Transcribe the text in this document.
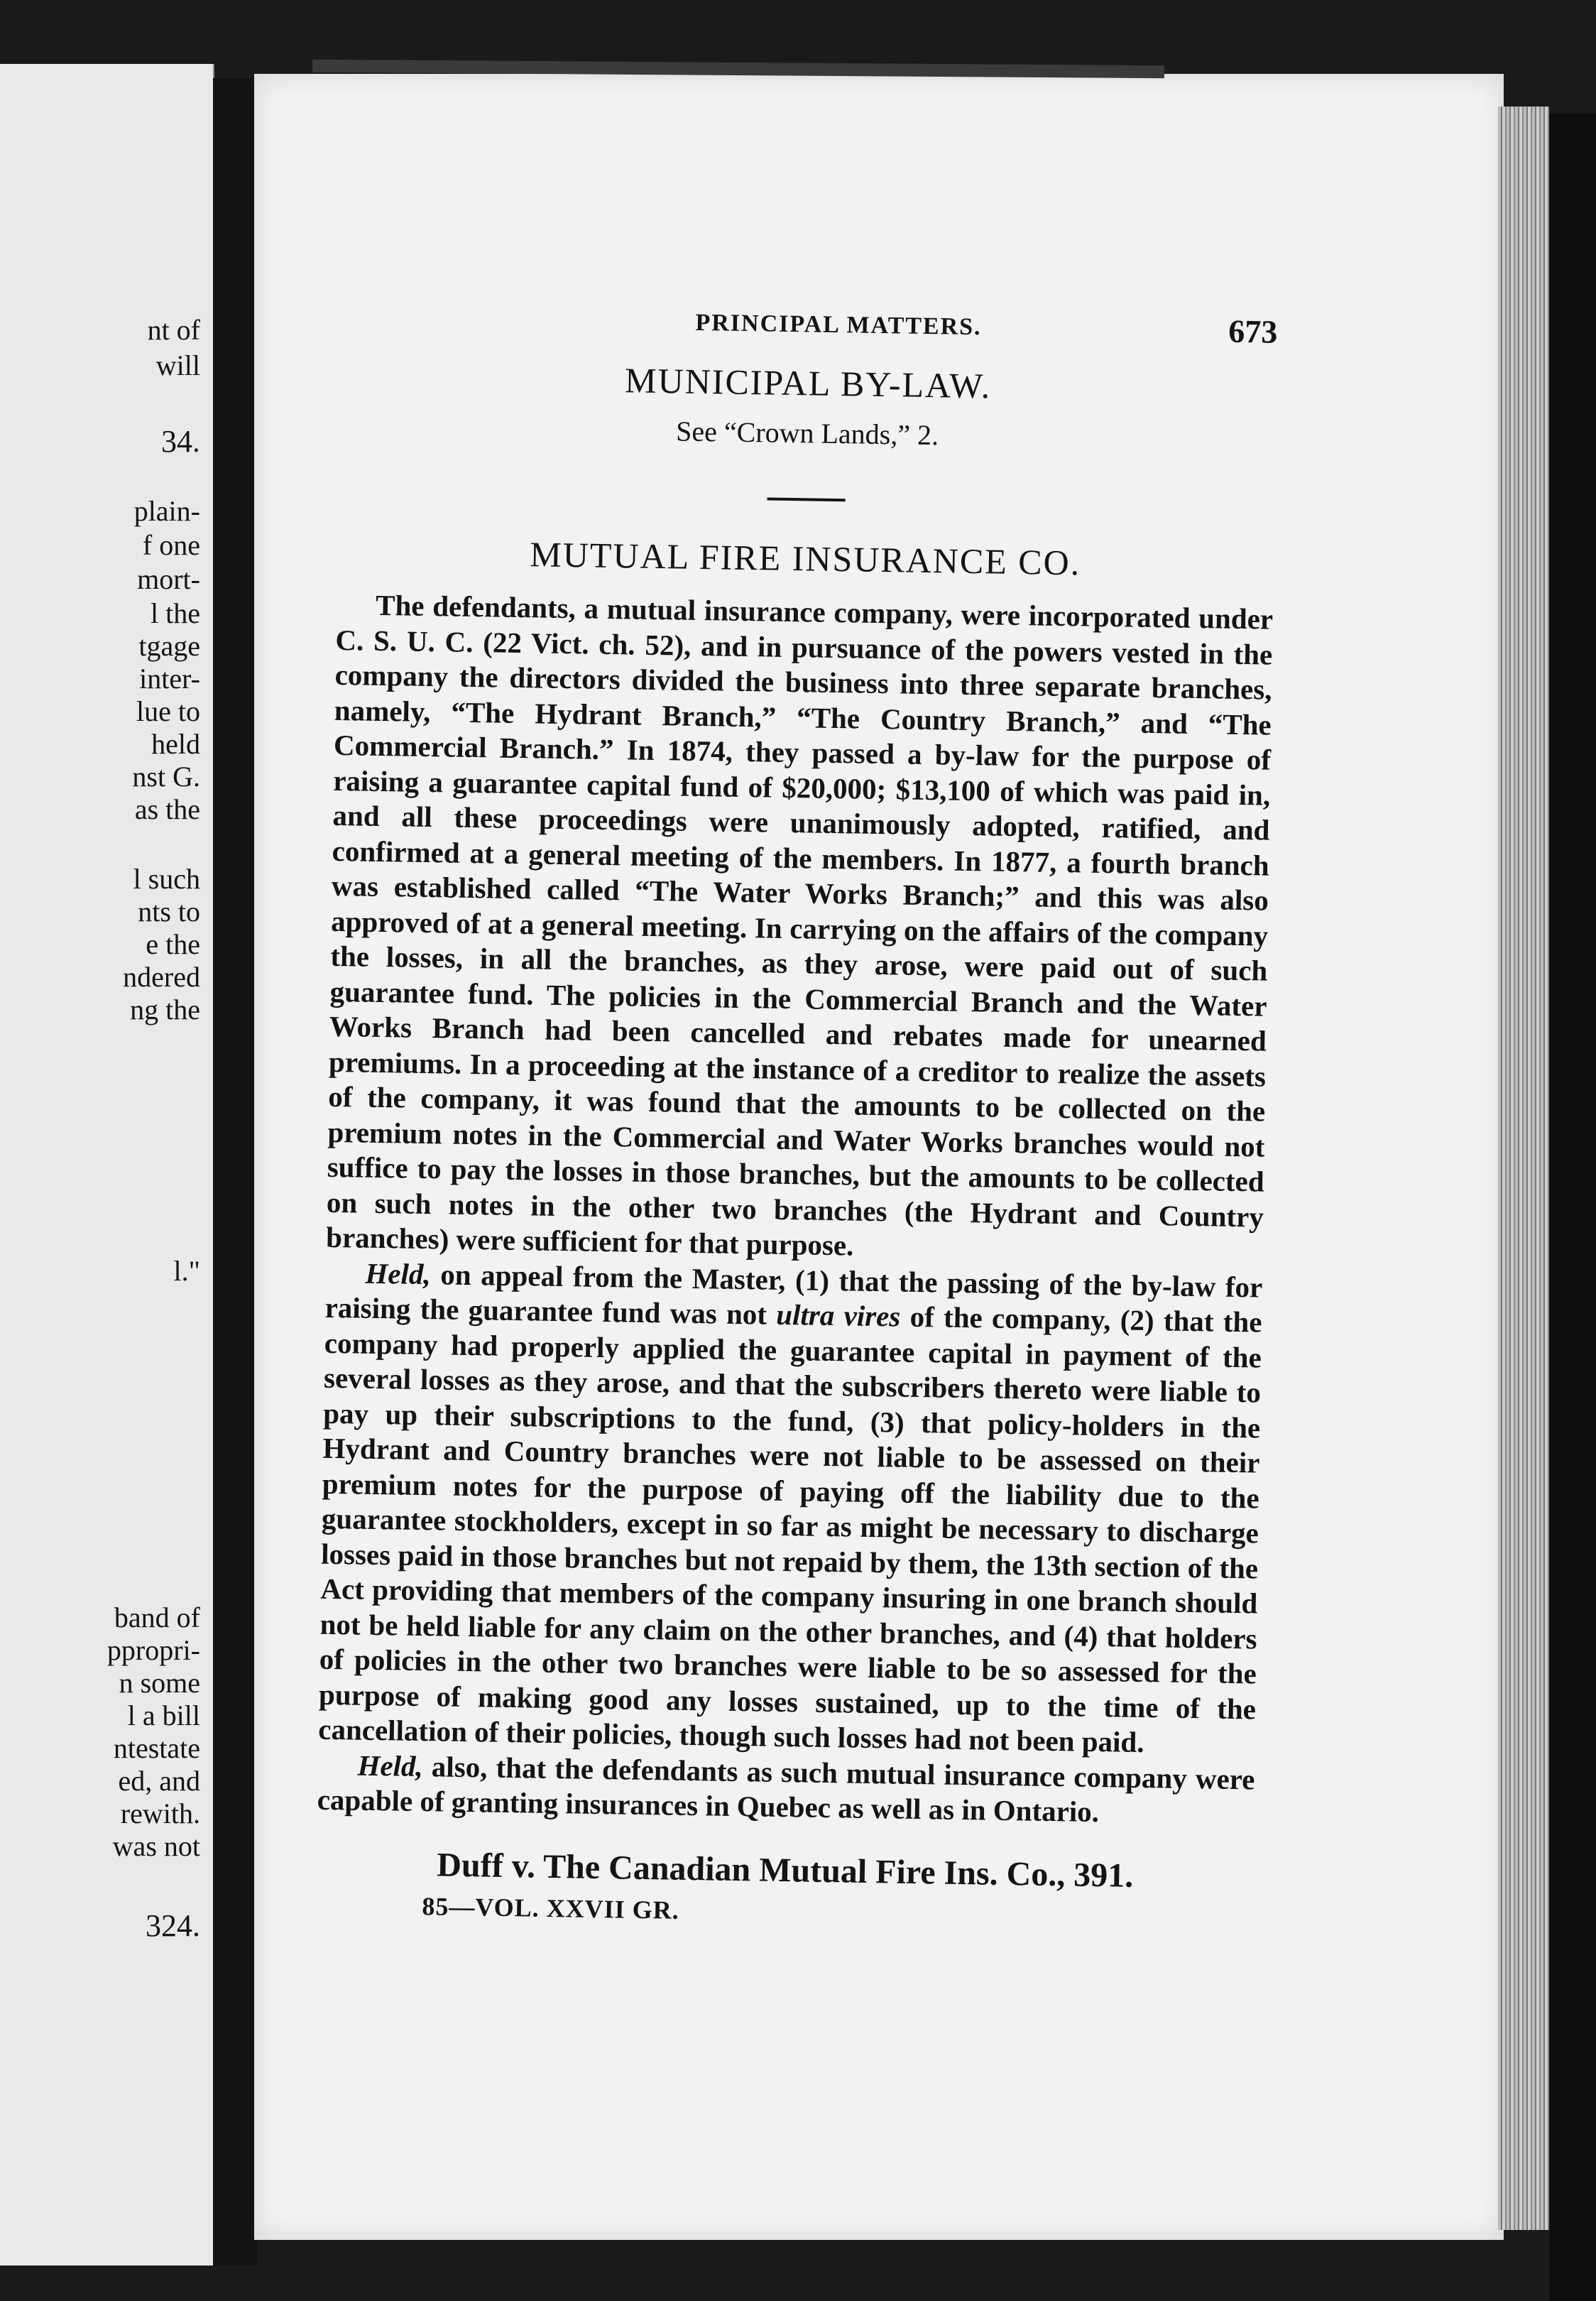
nt of
will
34.
plain-
f one
mort-
l the
tgage
inter-
lue to
held
nst G.
as the
l such
nts to
e the
ndered
ng the
l."
band of
ppropri-
n some
l a bill
ntestate
ed, and
rewith.
was not
324.
PRINCIPAL MATTERS.	673
MUNICIPAL BY-LAW.
See “Crown Lands,” 2.
MUTUAL FIRE INSURANCE CO.

The defendants, a mutual insurance company, were incorporated under C. S. U. C. (22 Vict. ch. 52), and in pursuance of the powers vested in the company the directors divided the business into three separate branches, namely, “The Hydrant Branch,” “The Country Branch,” and “The Commercial Branch.” In 1874, they passed a by-law for the purpose of raising a guarantee capital fund of $20,000; $13,100 of which was paid in, and all these proceedings were unanimously adopted, ratified, and confirmed at a general meeting of the members. In 1877, a fourth branch was established called “The Water Works Branch;” and this was also approved of at a general meeting. In carrying on the affairs of the company the losses, in all the branches, as they arose, were paid out of such guarantee fund. The policies in the Commercial Branch and the Water Works Branch had been cancelled and rebates made for unearned premiums. In a proceeding at the instance of a creditor to realize the assets of the company, it was found that the amounts to be collected on the premium notes in the Commercial and Water Works branches would not suffice to pay the losses in those branches, but the amounts to be collected on such notes in the other two branches (the Hydrant and Country branches) were sufficient for that purpose.

Held, on appeal from the Master, (1) that the passing of the by-law for raising the guarantee fund was not ultra vires of the company, (2) that the company had properly applied the guarantee capital in payment of the several losses as they arose, and that the subscribers thereto were liable to pay up their subscriptions to the fund, (3) that policy-holders in the Hydrant and Country branches were not liable to be assessed on their premium notes for the purpose of paying off the liability due to the guarantee stockholders, except in so far as might be necessary to discharge losses paid in those branches but not repaid by them, the 13th section of the Act providing that members of the company insuring in one branch should not be held liable for any claim on the other branches, and (4) that holders of policies in the other two branches were liable to be so assessed for the purpose of making good any losses sustained, up to the time of the cancellation of their policies, though such losses had not been paid.

Held, also, that the defendants as such mutual insurance company were capable of granting insurances in Quebec as well as in Ontario.

Duff v. The Canadian Mutual Fire Ins. Co., 391.
85—VOL. XXVII GR.
